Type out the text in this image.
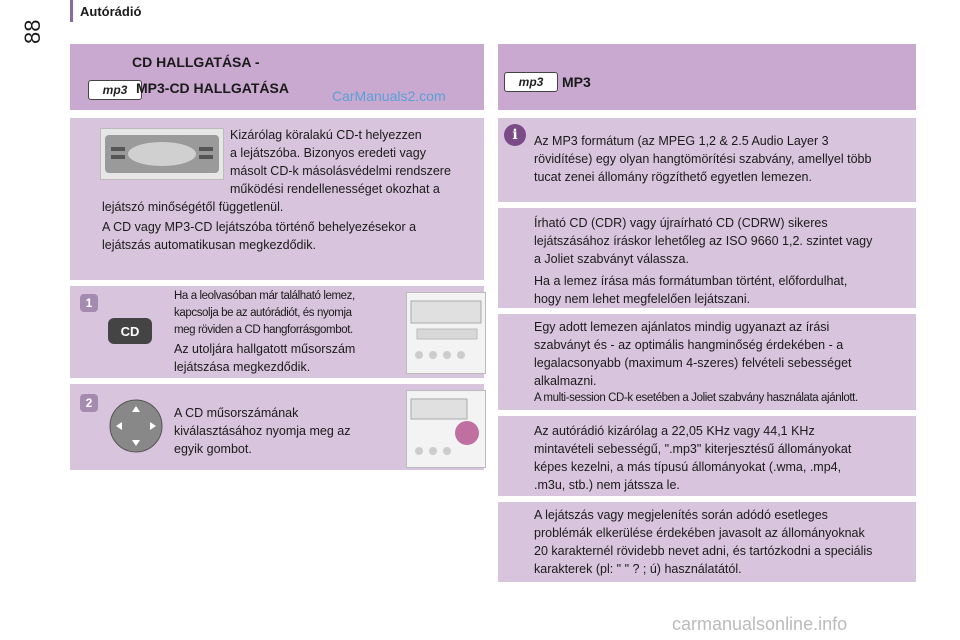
Autórádió
88
CD HALLGATÁSA -
mp3 MP3-CD HALLGATÁSA	CarManuals2.com
Kizárólag köralakú CD-t helyezzen
a lejátszóba. Bizonyos eredeti vagy
másolt CD-k másolásvédelmi rendszere
működési rendellenességet okozhat a
lejátszó minőségétől függetlenül.
A CD vagy MP3-CD lejátszóba történő behelyezésekor a
lejátszás automatikusan megkezdődik.
1
CD
Ha a leolvasóban már található lemez,
kapcsolja be az autórádiót, és nyomja
meg röviden a CD hangforrásgombot.
Az utoljára hallgatott műsorszám
lejátszása megkezdődik.
2
A CD műsorszámának
kiválasztásához nyomja meg az
egyik gombot.
mp3	MP3
i	Az MP3 formátum (az MPEG 1,2 & 2.5 Audio Layer 3
rövidítése) egy olyan hangtömörítési szabvány, amellyel több
tucat zenei állomány rögzíthető egyetlen lemezen.
Írható CD (CDR) vagy újraírható CD (CDRW) sikeres
lejátszásához íráskor lehetőleg az ISO 9660 1,2. szintet vagy
a Joliet szabványt válassza.
Ha a lemez írása más formátumban történt, előfordulhat,
hogy nem lehet megfelelően lejátszani.
Egy adott lemezen ajánlatos mindig ugyanazt az írási
szabványt és - az optimális hangminőség érdekében - a
legalacsonyabb (maximum 4-szeres) felvételi sebességet
alkalmazni.
A multi-session CD-k esetében a Joliet szabvány használata ajánlott.
Az autórádió kizárólag a 22,05 KHz vagy 44,1 KHz
mintavételi sebességű, ".mp3" kiterjesztésű állományokat
képes kezelni, a más típusú állományokat (.wma, .mp4,
.m3u, stb.) nem játssza le.
A lejátszás vagy megjelenítés során adódó esetleges
problémák elkerülése érdekében javasolt az állományoknak
20 karakternél rövidebb nevet adni, és tartózkodni a speciális
karakterek (pl: " " ? ; ú) használatától.
carmanualsonline.info
